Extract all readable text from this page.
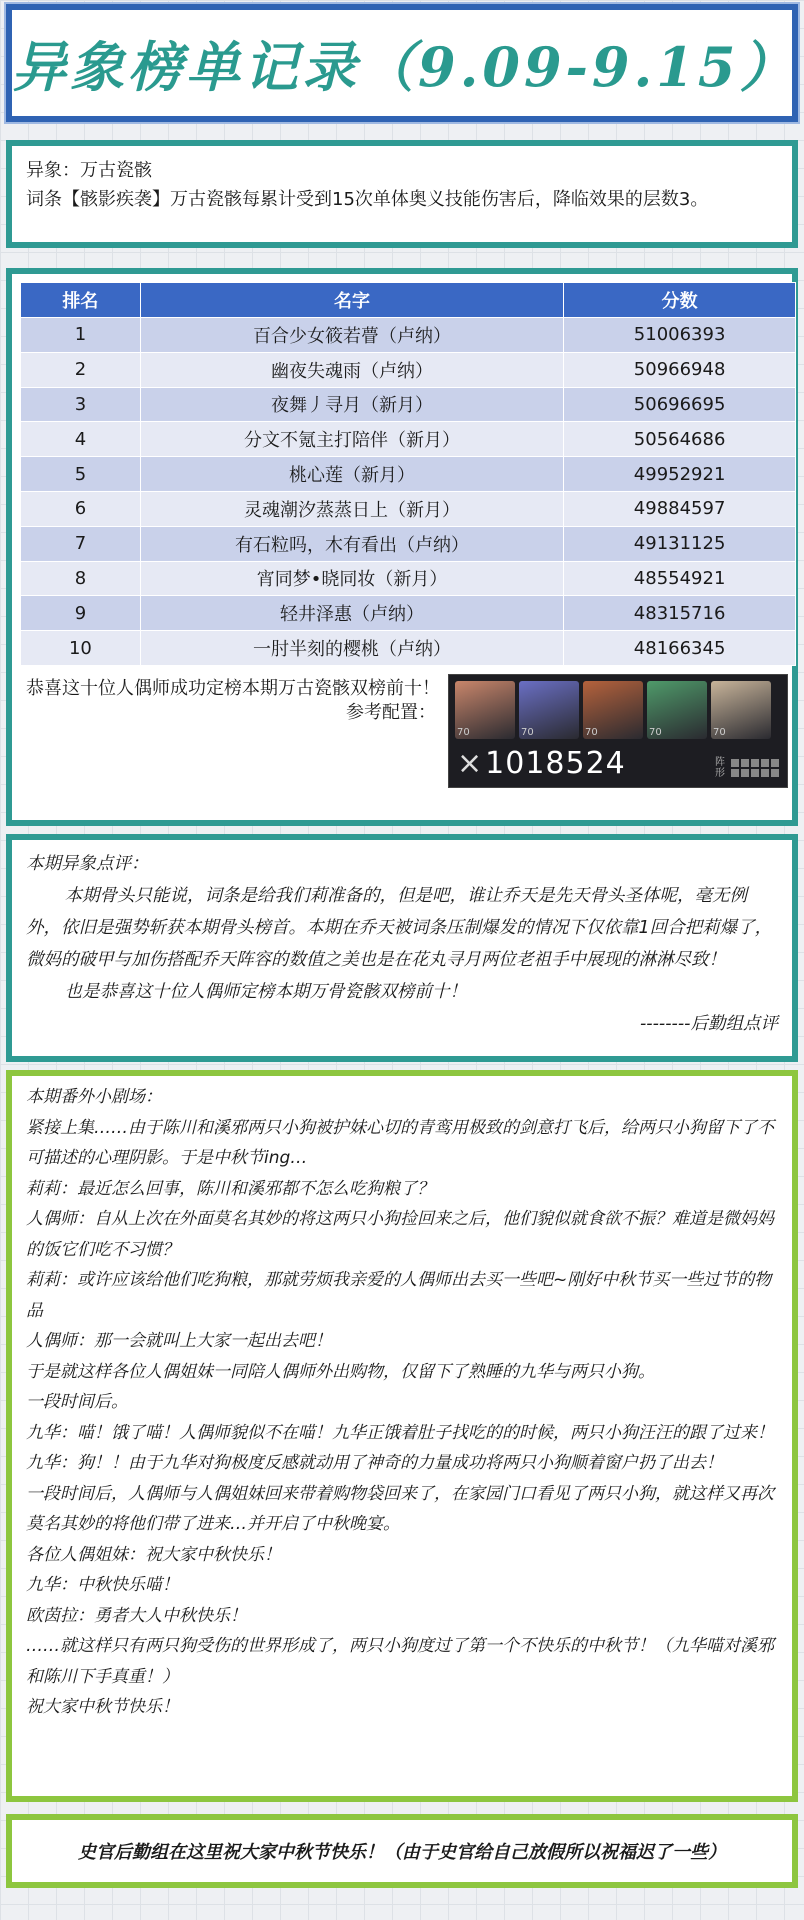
异象榜单记录（9.09-9.15）
异象：万古瓷骸
词条【骸影疾袭】万古瓷骸每累计受到15次单体奥义技能伤害后，降临效果的层数3。
排名	名字	分数
1	百合少女筱若瞢（卢纳）	51006393
2	幽夜失魂雨（卢纳）	50966948
3	夜舞丿寻月（新月）	50696695
4	分文不氪主打陪伴（新月）	50564686
5	桃心莲（新月）	49952921
6	灵魂潮汐蒸蒸日上（新月）	49884597
7	有石粒吗，木有看出（卢纳）	49131125
8	宵同梦•晓同妆（新月）	48554921
9	轻井泽惠（卢纳）	48315716
10	一肘半刻的樱桃（卢纳）	48166345
恭喜这十位人偶师成功定榜本期万古瓷骸双榜前十！
参考配置：
70	70	70	70	70
×1018524	阵形

本期异象点评：

本期骨头只能说，词条是给我们莉准备的，但是吧，谁让乔天是先天骨头圣体呢，毫无例外，依旧是强势斩获本期骨头榜首。本期在乔天被词条压制爆发的情况下仅依靠1回合把莉爆了，微妈的破甲与加伤搭配乔天阵容的数值之美也是在花丸寻月两位老祖手中展现的淋淋尽致！

也是恭喜这十位人偶师定榜本期万骨瓷骸双榜前十！

--------后勤组点评

本期番外小剧场：

紧接上集……由于陈川和溪邪两只小狗被护妹心切的青鸾用极致的剑意打飞后，给两只小狗留下了不可描述的心理阴影。于是中秋节ing…

莉莉：最近怎么回事，陈川和溪邪都不怎么吃狗粮了？

人偶师：自从上次在外面莫名其妙的将这两只小狗捡回来之后，他们貌似就食欲不振？难道是微妈妈的饭它们吃不习惯？

莉莉：或许应该给他们吃狗粮，那就劳烦我亲爱的人偶师出去买一些吧~刚好中秋节买一些过节的物品

人偶师：那一会就叫上大家一起出去吧！

于是就这样各位人偶姐妹一同陪人偶师外出购物，仅留下了熟睡的九华与两只小狗。

一段时间后。

九华：喵！饿了喵！人偶师貌似不在喵！九华正饿着肚子找吃的的时候，两只小狗汪汪的跟了过来！

九华：狗！！由于九华对狗极度反感就动用了神奇的力量成功将两只小狗顺着窗户扔了出去！

一段时间后，人偶师与人偶姐妹回来带着购物袋回来了，在家园门口看见了两只小狗，就这样又再次莫名其妙的将他们带了进来…并开启了中秋晚宴。

各位人偶姐妹：祝大家中秋快乐！

九华：中秋快乐喵！

欧茵拉：勇者大人中秋快乐！

……就这样只有两只狗受伤的世界形成了，两只小狗度过了第一个不快乐的中秋节！（九华喵对溪邪和陈川下手真重！）

祝大家中秋节快乐！

史官后勤组在这里祝大家中秋节快乐！（由于史官给自己放假所以祝福迟了一些）
